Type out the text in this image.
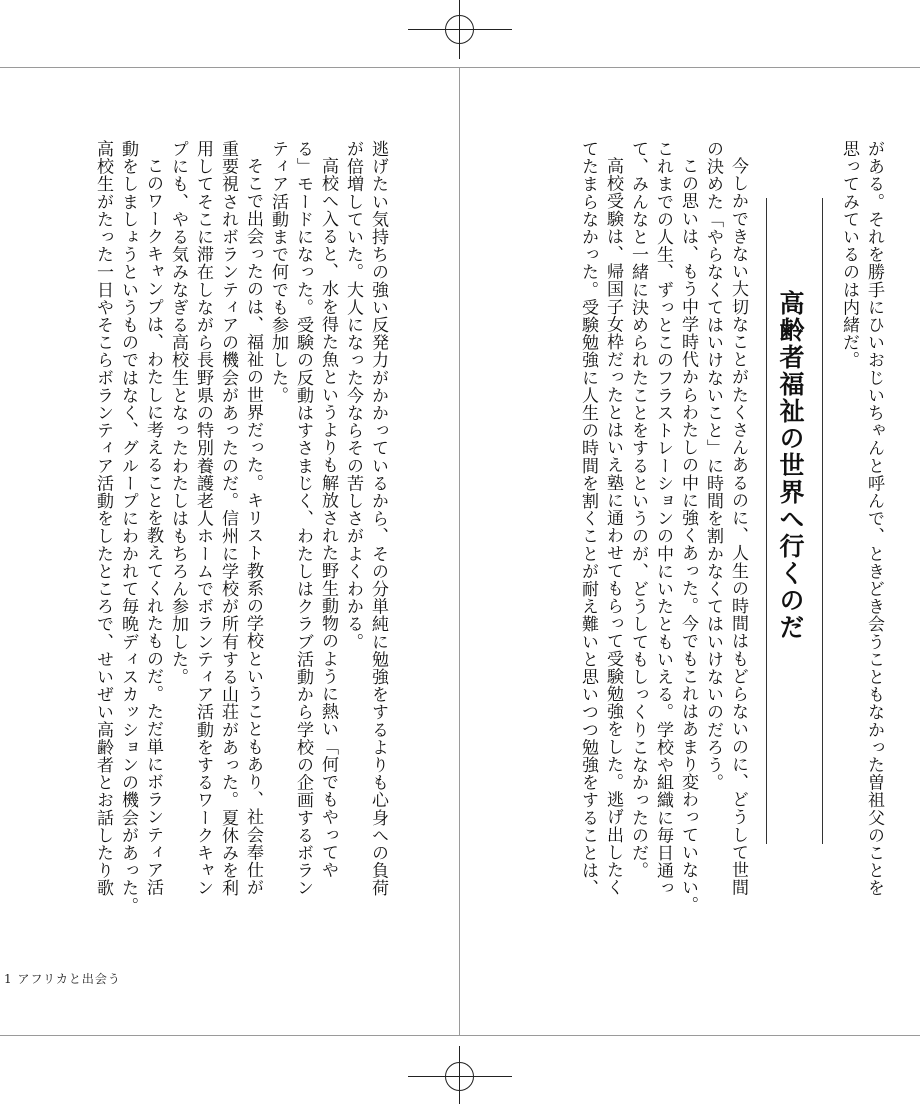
がある。それを勝手にひいおじいちゃんと呼んで、ときどき会うこともなかった曽祖父のことを
思ってみているのは内緒だ。
高齢者福祉の世界へ行くのだ
今しかできない大切なことがたくさんあるのに、人生の時間はもどらないのに、どうして世間
の決めた「やらなくてはいけないこと」に時間を割かなくてはいけないのだろう。
この思いは、もう中学時代からわたしの中に強くあった。今でもこれはあまり変わっていない。
これまでの人生、ずっとこのフラストレーションの中にいたともいえる。学校や組織に毎日通っ
て、みんなと一緒に決められたことをするというのが、どうしてもしっくりこなかったのだ。
高校受験は、帰国子女枠だったとはいえ塾に通わせてもらって受験勉強をした。逃げ出したく
てたまらなかった。受験勉強に人生の時間を割くことが耐え難いと思いつつ勉強をすることは、
逃げたい気持ちの強い反発力がかかっているから、その分単純に勉強をするよりも心身への負荷
が倍増していた。大人になった今ならその苦しさがよくわかる。
高校へ入ると、水を得た魚というよりも解放された野生動物のように熱い「何でもやってや
る」モードになった。受験の反動はすさまじく、わたしはクラブ活動から学校の企画するボラン
ティア活動まで何でも参加した。
そこで出会ったのは、福祉の世界だった。キリスト教系の学校ということもあり、社会奉仕が
重要視されボランティアの機会があったのだ。信州に学校が所有する山荘があった。夏休みを利
用してそこに滞在しながら長野県の特別養護老人ホームでボランティア活動をするワークキャン
プにも、やる気みなぎる高校生となったわたしはもちろん参加した。
このワークキャンプは、わたしに考えることを教えてくれたものだ。ただ単にボランティア活
動をしましょうというものではなく、グループにわかれて毎晩ディスカッションの機会があった。
高校生がたった一日やそこらボランティア活動をしたところで、せいぜい高齢者とお話したり歌
1 アフリカと出会う
